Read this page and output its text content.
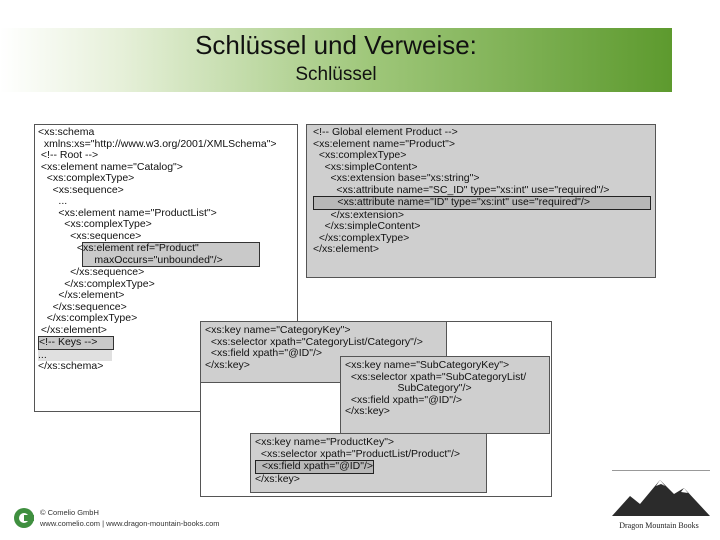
Schlüssel und Verweise:
Schlüssel
<xs:schema
xmlns:xs="http://www.w3.org/2001/XMLSchema">
<!-- Root -->
<xs:element name="Catalog">
<xs:complexType>
<xs:sequence>
...
<xs:element name="ProductList">
<xs:complexType>
<xs:sequence>
<xs:element ref="Product"
maxOccurs="unbounded"/>
</xs:sequence>
</xs:complexType>
</xs:element>
</xs:sequence>
</xs:complexType>
</xs:element>
<!-- Keys -->
...
</xs:schema>
<!-- Global element Product -->
<xs:element name="Product">
<xs:complexType>
<xs:simpleContent>
<xs:extension base="xs:string">
<xs:attribute name="SC_ID" type="xs:int" use="required"/>
<xs:attribute name="ID" type="xs:int" use="required"/>
</xs:extension>
</xs:simpleContent>
</xs:complexType>
</xs:element>
<xs:key name="CategoryKey">
<xs:selector xpath="CategoryList/Category"/>
<xs:field xpath="@ID"/>
</xs:key>	<xs:key name="SubCategoryKey">
<xs:selector xpath="SubCategoryList/
SubCategory"/>
<xs:field xpath="@ID"/>
</xs:key>
<xs:key name="ProductKey">
<xs:selector xpath="ProductList/Product"/>
<xs:field xpath="@ID"/>
</xs:key>
© Comelio GmbH
www.comelio.com | www.dragon-mountain-books.com	Dragon Mountain Books
